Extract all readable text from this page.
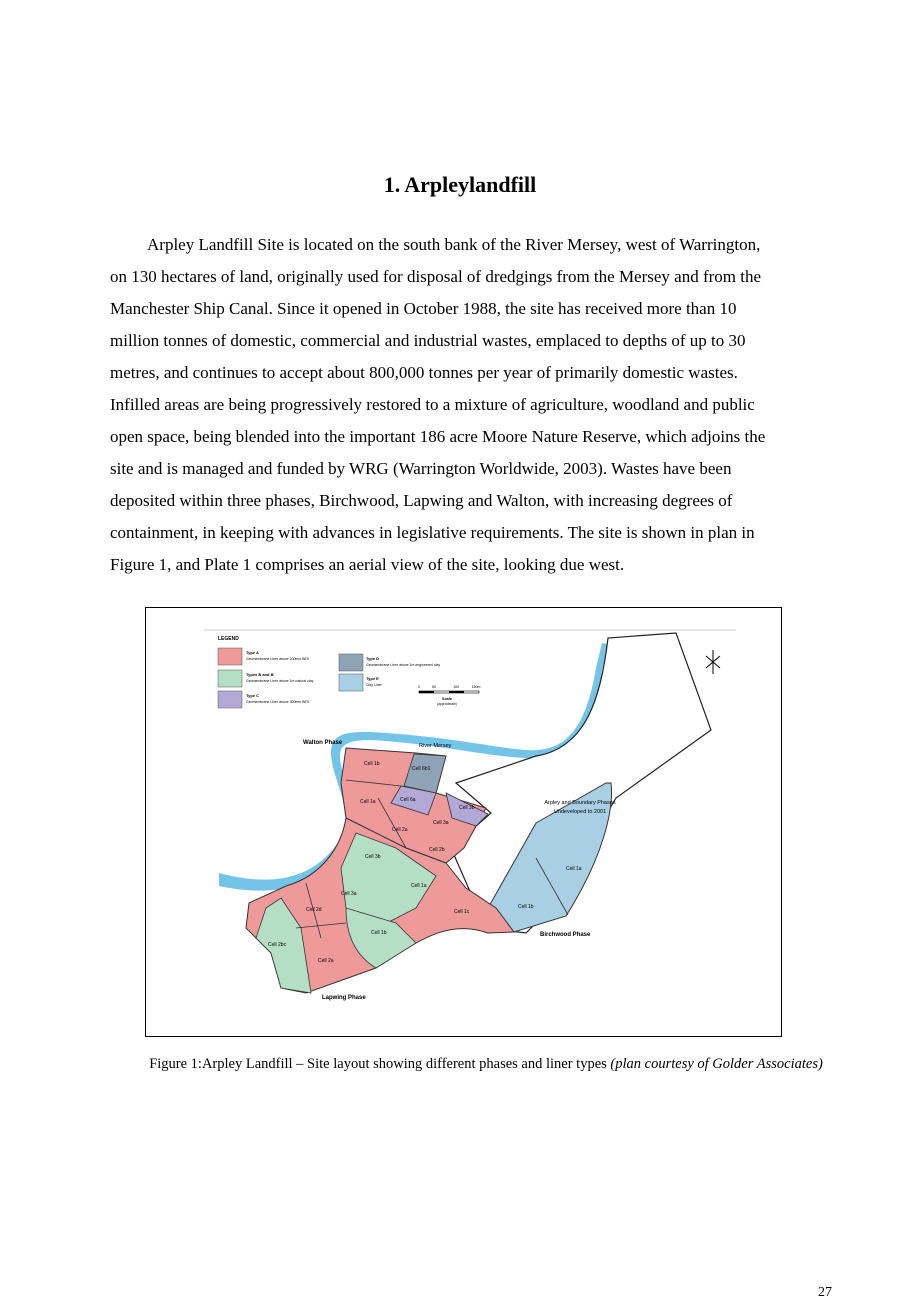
1. Arpleylandfill
Arpley Landfill Site is located on the south bank of the River Mersey, west of Warrington,
on 130 hectares of land, originally used for disposal of dredgings from the Mersey and from the
Manchester Ship Canal. Since it opened in October 1988, the site has received more than 10
million tonnes of domestic, commercial and industrial wastes, emplaced to depths of up to 30
metres, and continues to accept about 800,000 tonnes per year of primarily domestic wastes.
Infilled areas are being progressively restored to a mixture of agriculture, woodland and public
open space, being blended into the important 186 acre Moore Nature Reserve, which adjoins the
site and is managed and funded by WRG (Warrington Worldwide, 2003). Wastes have been
deposited within three phases, Birchwood, Lapwing and Walton, with increasing degrees of
containment, in keeping with advances in legislative requirements. The site is shown in plan in
Figure 1, and Plate 1 comprises an aerial view of the site, looking due west.
LEGEND
Type A
Geomembrane Liner above 200mm BES
Types B and B'
Geomembrane Liner above 1m natural clay
Type C
Geomembrane Liner above 300mm BES
Type D
Geomembrane Liner above 1m engineered clay
Type E
Clay Liner	0	50	100	150m
Scale
(approximate)
Walton Phase	River Mersey
Arpley and Boundary Phases
Undeveloped to 2001
Birchwood Phase
Lapwing Phase
Cell 1b
Cell 1a
Cell 6b1
Cell 6a
Cell 3b
Cell 3a
Cell 2a
Cell 2b
Cell 3b
Cell 1a
Cell 3a
Cell 2d	Cell 1c
Cell 1b
Cell 2bc
Cell 2a
Cell 1a
Cell 1b
Figure 1:Arpley Landfill – Site layout showing different phases and liner types (plan courtesy of Golder Associates)
27
